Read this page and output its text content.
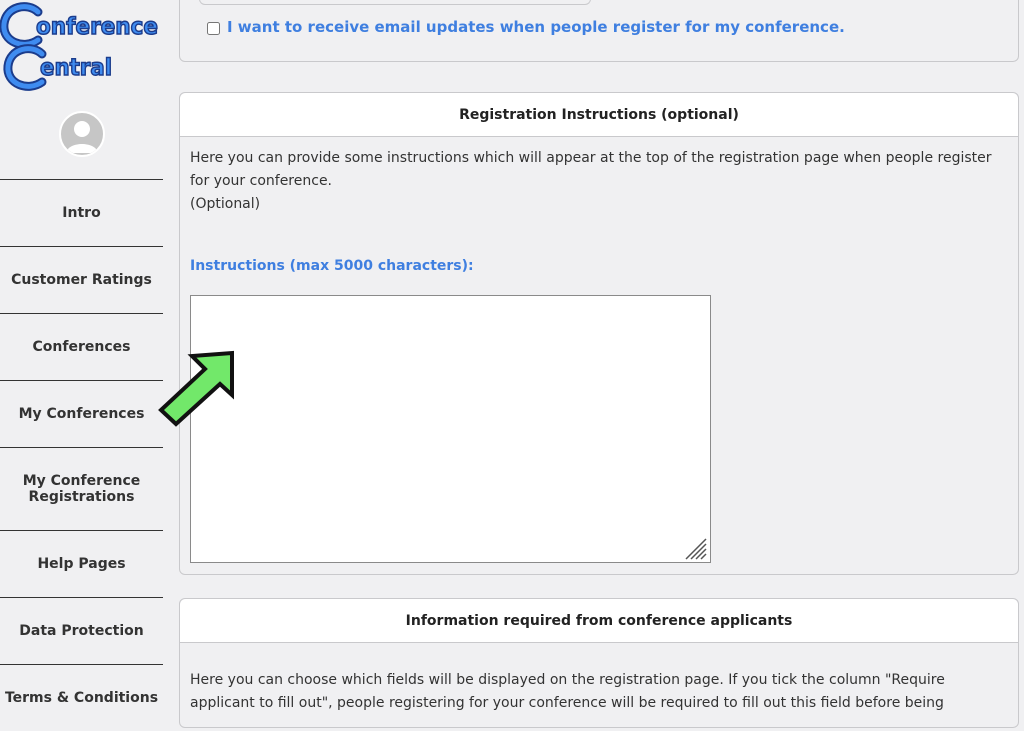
onference
entral
Intro
Customer Ratings
Conferences
My Conferences
My Conference Registrations
Help Pages
Data Protection
Terms & Conditions
I want to receive email updates when people register for my conference.
Registration Instructions (optional)

Here you can provide some instructions which will appear at the top of the registration page when people register for your conference.

(Optional)

Instructions (max 5000 characters):
Information required from conference applicants

Here you can choose which fields will be displayed on the registration page. If you tick the column "Require applicant to fill out", people registering for your conference will be required to fill out this field before being
